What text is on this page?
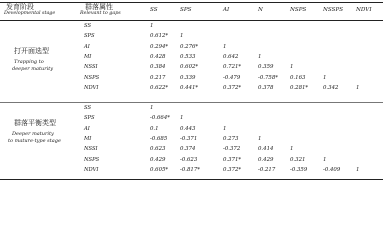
发育阶段
Developmental stage
群落属性
Relevant to gaps
SS	SPS	AI	N	NSPS	NSSPS NDVI
打开面选型
Trapping to
deeper maturity
群落平衡类型
Deeper maturity
to mature-type stage
SS	1
SPS	0.612* 1
AI	0.294* 0.276*	1
MI	0.428	0.533	0.642	1
NSSI	0.384	0.602*	0.721*	0.359	1
NSPS	0.217	0.339	-0.479	-0.758* 0.163	1
NDVI	0.622* 0.441*	0.372*	0.378	0.281*	0.342	1
SS	1
SPS	-0.664* 1
AI	0.1	0.443	1
MI	-0.685 -0.371	0.273	1
NSSI	0.623	0.374	-0.372	0.414	1
NSPS	0.429	-0.623	0.371*	0.429	0.321	1
NDVI	0.605* -0.817*	0.372*	-0.217	-0.359	-0.409	1
